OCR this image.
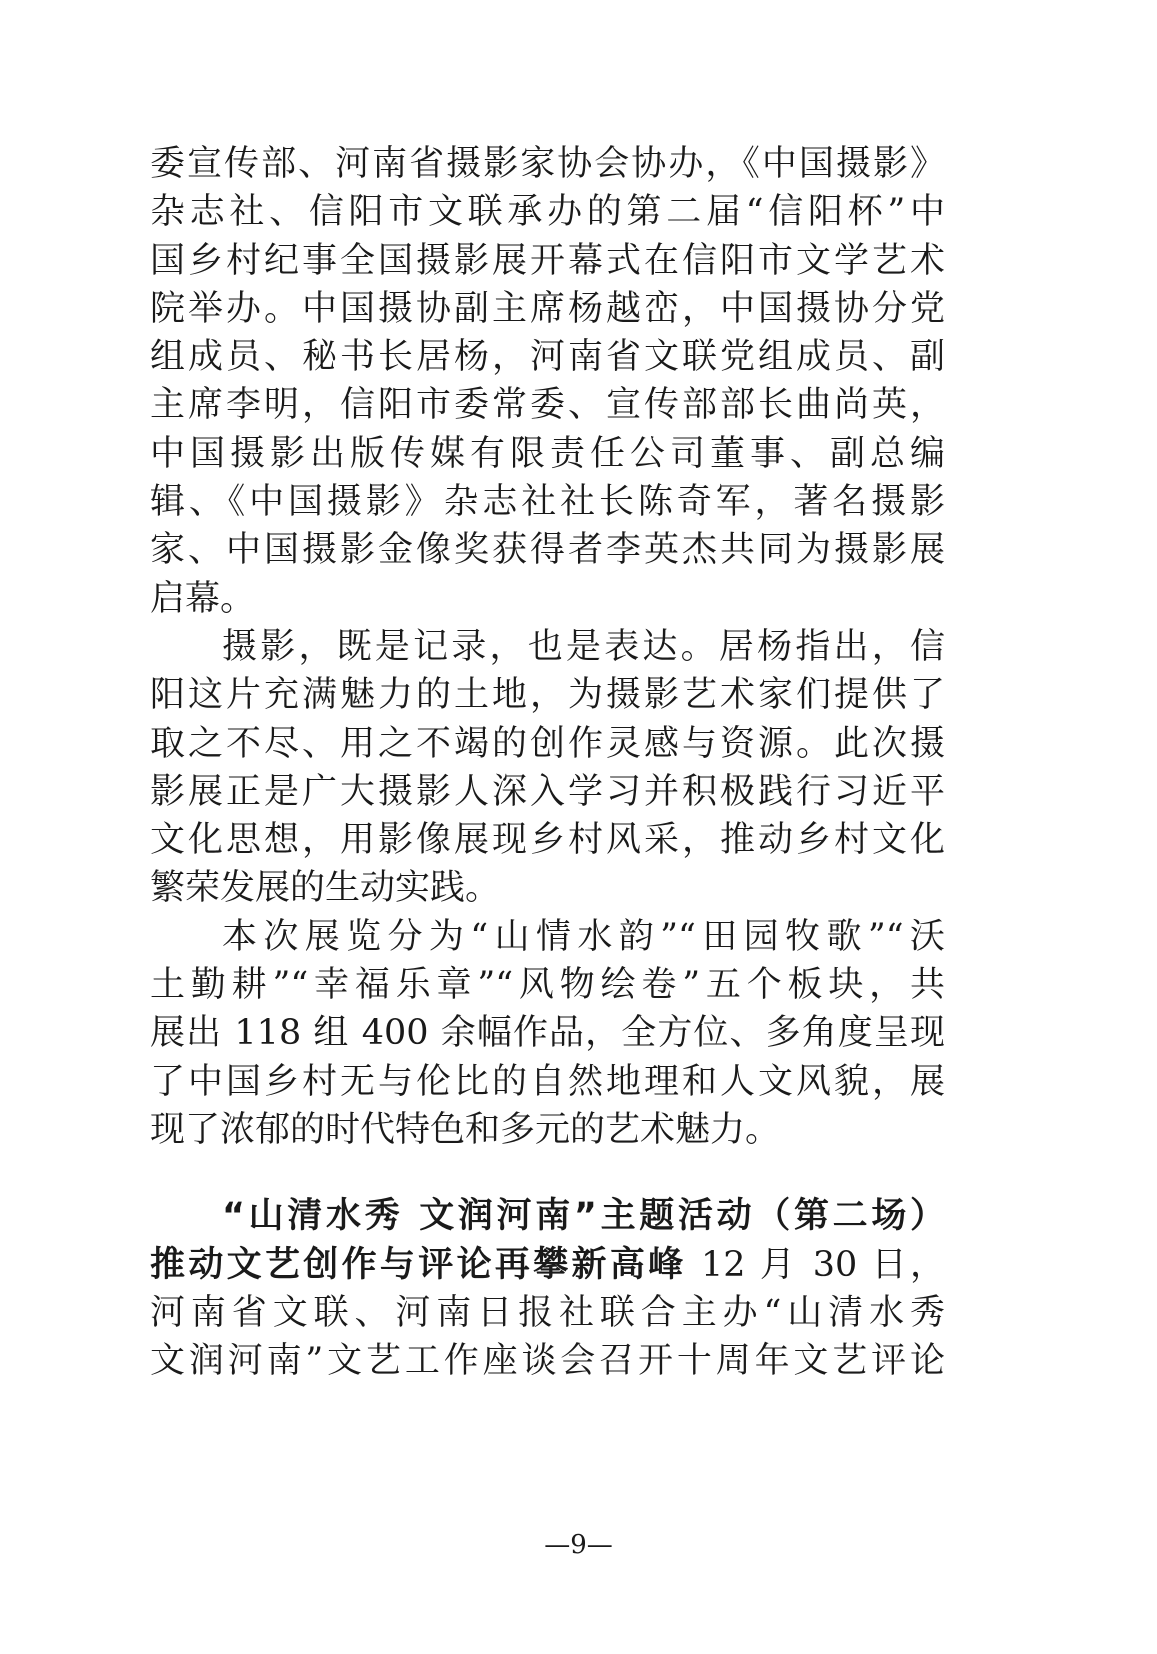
委宣传部、河南省摄影家协会协办，《中国摄影》
杂志社、信阳市文联承办的第二届“信阳杯”中
国乡村纪事全国摄影展开幕式在信阳市文学艺术
院举办。中国摄协副主席杨越峦，中国摄协分党
组成员、秘书长居杨，河南省文联党组成员、副
主席李明，信阳市委常委、宣传部部长曲尚英，
中国摄影出版传媒有限责任公司董事、副总编
辑、《中国摄影》杂志社社长陈奇军，著名摄影
家、中国摄影金像奖获得者李英杰共同为摄影展
启幕。
摄影，既是记录，也是表达。居杨指出，信
阳这片充满魅力的土地，为摄影艺术家们提供了
取之不尽、用之不竭的创作灵感与资源。此次摄
影展正是广大摄影人深入学习并积极践行习近平
文化思想，用影像展现乡村风采，推动乡村文化
繁荣发展的生动实践。
本次展览分为“山情水韵”“田园牧歌”“沃
土勤耕”“幸福乐章”“风物绘卷”五个板块，共
展出 118 组 400 余幅作品，全方位、多角度呈现
了中国乡村无与伦比的自然地理和人文风貌，展
现了浓郁的时代特色和多元的艺术魅力。
“山清水秀 文润河南”主题活动（第二场）
推动文艺创作与评论再攀新高峰 12 月 30 日，
河南省文联、河南日报社联合主办“山清水秀
文润河南”文艺工作座谈会召开十周年文艺评论
—9—
